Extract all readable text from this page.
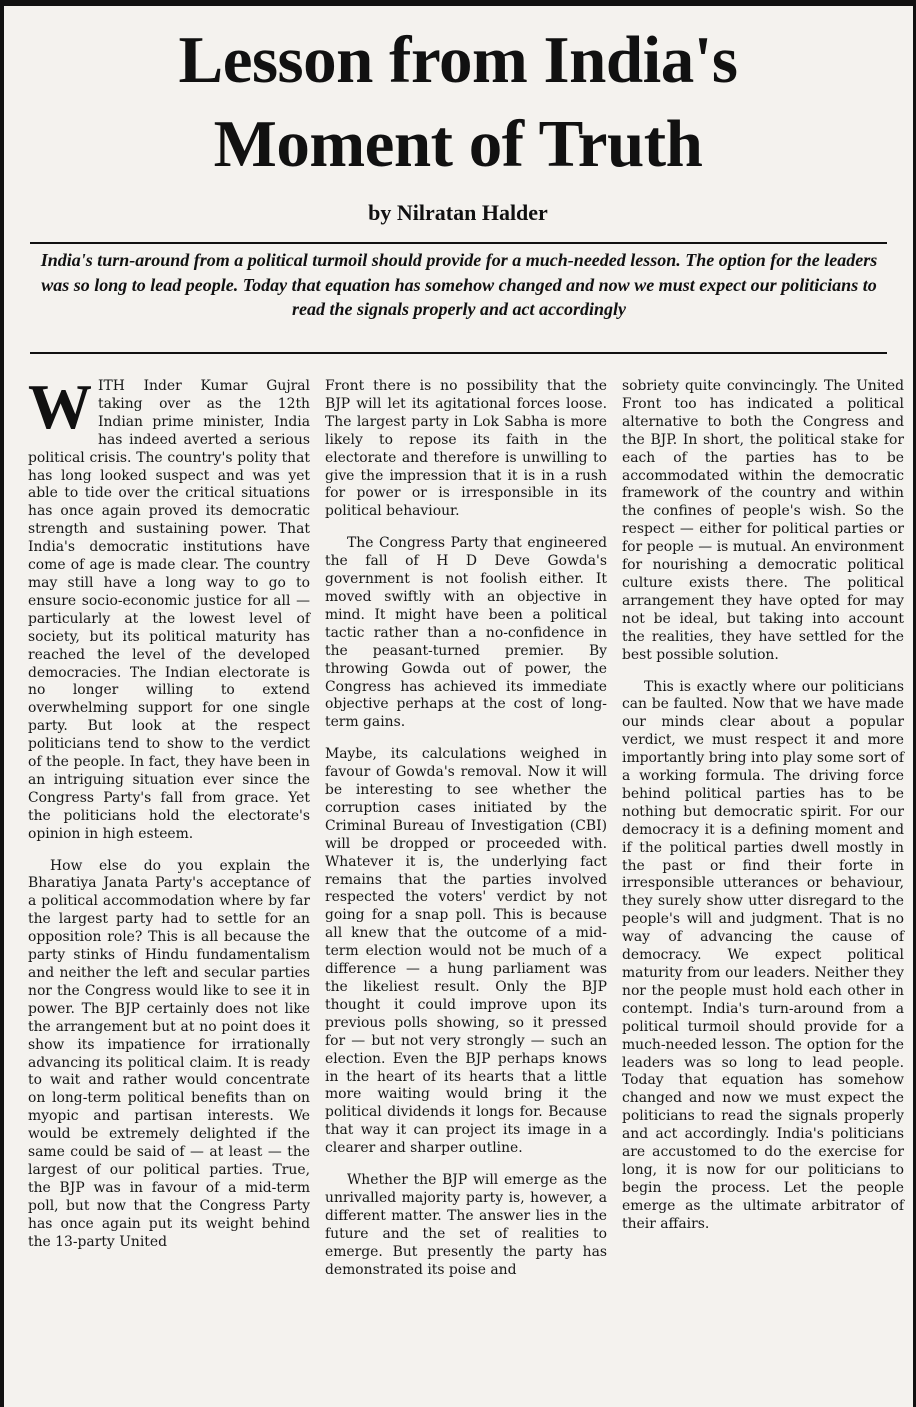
Lesson from India's
Moment of Truth
by Nilratan Halder
India's turn-around from a political turmoil should provide for a much-needed lesson. The option for the leaders was so long to lead people. Today that equation has somehow changed and now we must expect our politicians to read the signals properly and act accordingly

WITH Inder Kumar Gujral taking over as the 12th Indian prime minister, India has indeed averted a serious political crisis. The country's polity that has long looked suspect and was yet able to tide over the critical situations has once again proved its democratic strength and sustaining power. That India's democratic institutions have come of age is made clear. The country may still have a long way to go to ensure socio-economic justice for all — particularly at the lowest level of society, but its political maturity has reached the level of the developed democracies. The Indian electorate is no longer willing to extend overwhelming support for one single party. But look at the respect politicians tend to show to the verdict of the people. In fact, they have been in an intriguing situation ever since the Congress Party's fall from grace. Yet the politicians hold the electorate's opinion in high esteem.

How else do you explain the Bharatiya Janata Party's acceptance of a political accommodation where by far the largest party had to settle for an opposition role? This is all because the party stinks of Hindu fundamentalism and neither the left and secular parties nor the Congress would like to see it in power. The BJP certainly does not like the arrangement but at no point does it show its impatience for irrationally advancing its political claim. It is ready to wait and rather would concentrate on long-term political benefits than on myopic and partisan interests. We would be extremely delighted if the same could be said of — at least — the largest of our political parties. True, the BJP was in favour of a mid-term poll, but now that the Congress Party has once again put its weight behind the 13-party United

Front there is no possibility that the BJP will let its agitational forces loose. The largest party in Lok Sabha is more likely to repose its faith in the electorate and therefore is unwilling to give the impression that it is in a rush for power or is irresponsible in its political behaviour.

The Congress Party that engineered the fall of H D Deve Gowda's government is not foolish either. It moved swiftly with an objective in mind. It might have been a political tactic rather than a no-confidence in the peasant-turned premier. By throwing Gowda out of power, the Congress has achieved its immediate objective perhaps at the cost of long-term gains.

Maybe, its calculations weighed in favour of Gowda's removal. Now it will be interesting to see whether the corruption cases initiated by the Criminal Bureau of Investigation (CBI) will be dropped or proceeded with. Whatever it is, the underlying fact remains that the parties involved respected the voters' verdict by not going for a snap poll. This is because all knew that the outcome of a mid-term election would not be much of a difference — a hung parliament was the likeliest result. Only the BJP thought it could improve upon its previous polls showing, so it pressed for — but not very strongly — such an election. Even the BJP perhaps knows in the heart of its hearts that a little more waiting would bring it the political dividends it longs for. Because that way it can project its image in a clearer and sharper outline.

Whether the BJP will emerge as the unrivalled majority party is, however, a different matter. The answer lies in the future and the set of realities to emerge. But presently the party has demonstrated its poise and

sobriety quite convincingly. The United Front too has indicated a political alternative to both the Congress and the BJP. In short, the political stake for each of the parties has to be accommodated within the democratic framework of the country and within the confines of people's wish. So the respect — either for political parties or for people — is mutual. An environment for nourishing a democratic political culture exists there. The political arrangement they have opted for may not be ideal, but taking into account the realities, they have settled for the best possible solution.

This is exactly where our politicians can be faulted. Now that we have made our minds clear about a popular verdict, we must respect it and more importantly bring into play some sort of a working formula. The driving force behind political parties has to be nothing but democratic spirit. For our democracy it is a defining moment and if the political parties dwell mostly in the past or find their forte in irresponsible utterances or behaviour, they surely show utter disregard to the people's will and judgment. That is no way of advancing the cause of democracy. We expect political maturity from our leaders. Neither they nor the people must hold each other in contempt. India's turn-around from a political turmoil should provide for a much-needed lesson. The option for the leaders was so long to lead people. Today that equation has somehow changed and now we must expect the politicians to read the signals properly and act accordingly. India's politicians are accustomed to do the exercise for long, it is now for our politicians to begin the process. Let the people emerge as the ultimate arbitrator of their affairs.
